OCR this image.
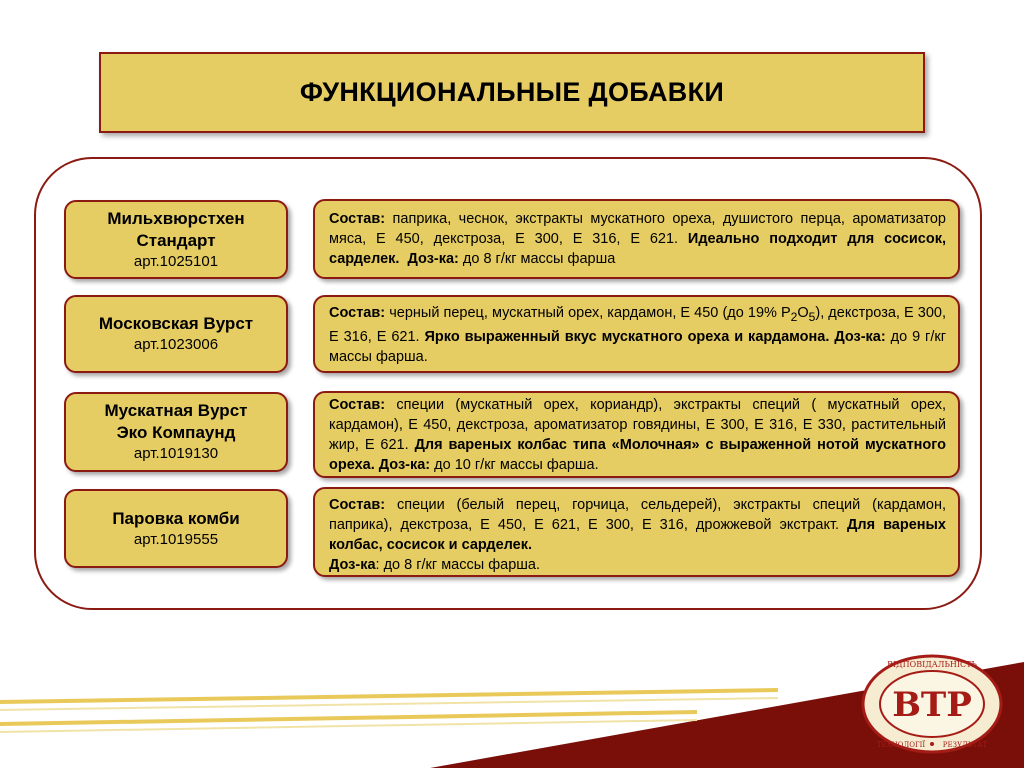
ФУНКЦИОНАЛЬНЫЕ ДОБАВКИ
Мильхвюрстхен
Стандарт
арт.1025101
Состав: паприка, чеснок, экстракты мускатного ореха, душистого перца, ароматизатор мяса, Е 450, декстроза, Е 300, Е 316, Е 621. Идеально подходит для сосисок, сарделек. Доз-ка: до 8 г/кг массы фарша
Московская Вурст
арт.1023006
Состав: черный перец, мускатный орех, кардамон, Е 450 (до 19% $Р_2О_5$), декстроза, Е 300, Е 316, Е 621. Ярко выраженный вкус мускатного ореха и кардамона. Доз-ка: до 9 г/кг массы фарша.
Мускатная Вурст
Эко Компаунд
арт.1019130
Состав: специи (мускатный орех, кориандр), экстракты специй ( мускатный орех, кардамон), Е 450, декстроза, ароматизатор говядины, Е 300, Е 316, Е 330, растительный жир, Е 621. Для вареных колбас типа «Молочная» с выраженной нотой мускатного ореха. Доз-ка: до 10 г/кг массы фарша.
Паровка комби
арт.1019555
Состав: специи (белый перец, горчица, сельдерей), экстракты специй (кардамон, паприка), декстроза, Е 450, Е 621, Е 300, Е 316, дрожжевой экстракт. Для вареных колбас, сосисок и сарделек.
Доз-ка: до 8 г/кг массы фарша.
BTP
ВІДПОВІДАЛЬНІСТЬ
ТЕХНОЛОГІЇ	РЕЗУЛЬТАТ
